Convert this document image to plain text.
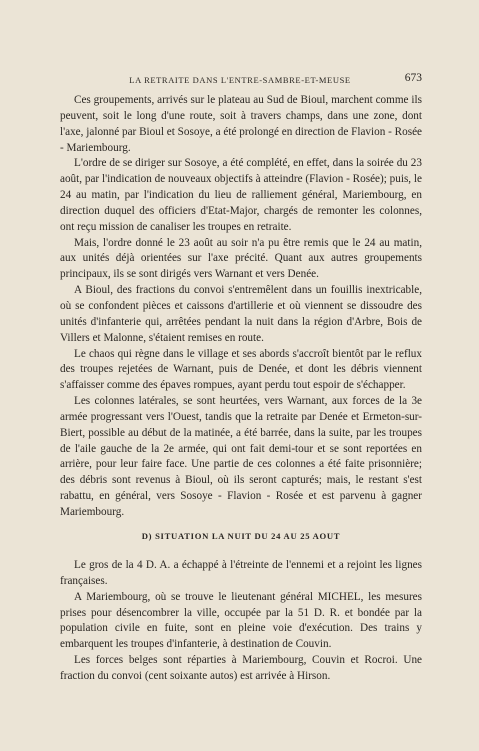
LA RETRAITE DANS L'ENTRE-SAMBRE-ET-MEUSE	673

Ces groupements, arrivés sur le plateau au Sud de Bioul, marchent comme ils peuvent, soit le long d'une route, soit à travers champs, dans une zone, dont l'axe, jalonné par Bioul et Sosoye, a été prolongé en direction de Flavion - Rosée - Mariembourg.

L'ordre de se diriger sur Sosoye, a été complété, en effet, dans la soirée du 23 août, par l'indication de nouveaux objectifs à atteindre (Flavion - Rosée); puis, le 24 au matin, par l'indication du lieu de ralliement général, Mariembourg, en direction duquel des officiers d'Etat-Major, chargés de remonter les colonnes, ont reçu mission de canaliser les troupes en retraite.

Mais, l'ordre donné le 23 août au soir n'a pu être remis que le 24 au matin, aux unités déjà orientées sur l'axe précité. Quant aux autres groupements principaux, ils se sont dirigés vers Warnant et vers Denée.

A Bioul, des fractions du convoi s'entremêlent dans un fouillis inextricable, où se confondent pièces et caissons d'artillerie et où viennent se dissoudre des unités d'infanterie qui, arrêtées pendant la nuit dans la région d'Arbre, Bois de Villers et Malonne, s'étaient remises en route.

Le chaos qui règne dans le village et ses abords s'accroît bientôt par le reflux des troupes rejetées de Warnant, puis de Denée, et dont les débris viennent s'affaisser comme des épaves rompues, ayant perdu tout espoir de s'échapper.

Les colonnes latérales, se sont heurtées, vers Warnant, aux forces de la 3e armée progressant vers l'Ouest, tandis que la retraite par Denée et Ermeton-sur-Biert, possible au début de la matinée, a été barrée, dans la suite, par les troupes de l'aile gauche de la 2e armée, qui ont fait demi-tour et se sont reportées en arrière, pour leur faire face. Une partie de ces colonnes a été faite prisonnière; des débris sont revenus à Bioul, où ils seront capturés; mais, le restant s'est rabattu, en général, vers Sosoye - Flavion - Rosée et est parvenu à gagner Mariembourg.

D) SITUATION LA NUIT DU 24 AU 25 AOUT

Le gros de la 4 D. A. a échappé à l'étreinte de l'ennemi et a rejoint les lignes françaises.

A Mariembourg, où se trouve le lieutenant général MICHEL, les mesures prises pour désencombrer la ville, occupée par la 51 D. R. et bondée par la population civile en fuite, sont en pleine voie d'exécution. Des trains y embarquent les troupes d'infanterie, à destination de Couvin.

Les forces belges sont réparties à Mariembourg, Couvin et Rocroi. Une fraction du convoi (cent soixante autos) est arrivée à Hirson.
